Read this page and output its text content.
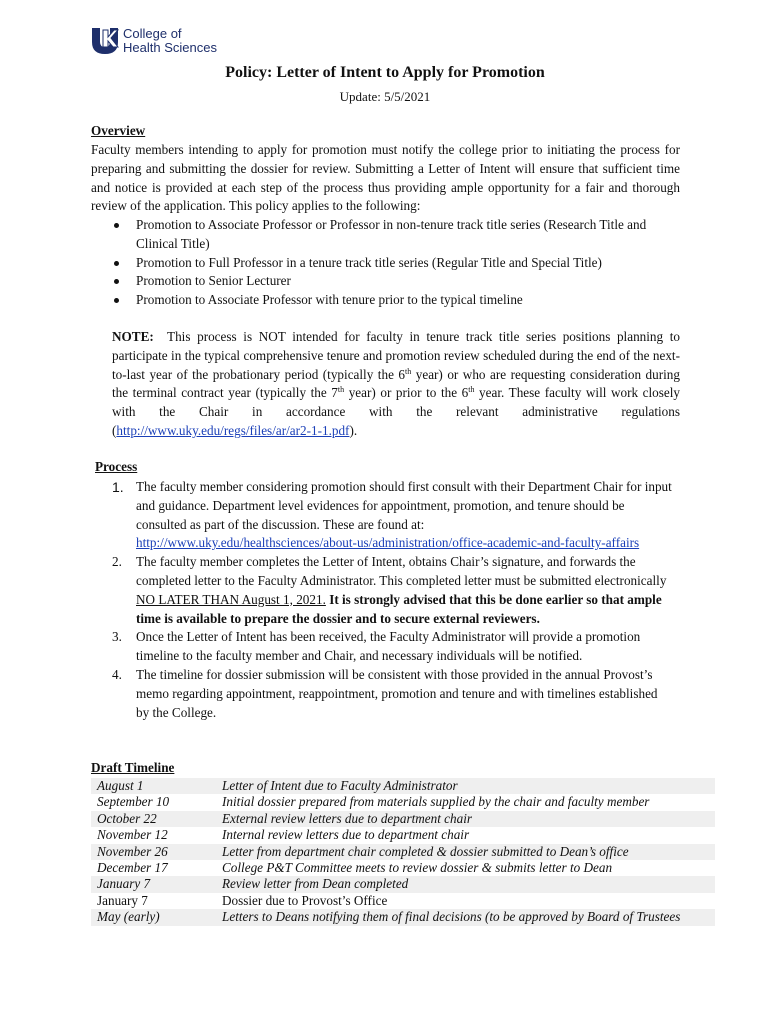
College of
Health Sciences
Policy: Letter of Intent to Apply for Promotion
Update: 5/5/2021
Overview
Faculty members intending to apply for promotion must notify the college prior to initiating the process for preparing and submitting the dossier for review. Submitting a Letter of Intent will ensure that sufficient time and notice is provided at each step of the process thus providing ample opportunity for a fair and thorough review of the application. This policy applies to the following:
Promotion to Associate Professor or Professor in non-tenure track title series (Research Title and Clinical Title)
Promotion to Full Professor in a tenure track title series (Regular Title and Special Title)
Promotion to Senior Lecturer
Promotion to Associate Professor with tenure prior to the typical timeline
NOTE: This process is NOT intended for faculty in tenure track title series positions planning to participate in the typical comprehensive tenure and promotion review scheduled during the end of the next-to-last year of the probationary period (typically the 6th year) or who are requesting consideration during the terminal contract year (typically the 7th year) or prior to the 6th year. These faculty will work closely with the Chair in accordance with the relevant administrative regulations (http://www.uky.edu/regs/files/ar/ar2-1-1.pdf).
Process
1. The faculty member considering promotion should first consult with their Department Chair for input and guidance. Department level evidences for appointment, promotion, and tenure should be consulted as part of the discussion. These are found at:
http://www.uky.edu/healthsciences/about-us/administration/office-academic-and-faculty-affairs
2. The faculty member completes the Letter of Intent, obtains Chair’s signature, and forwards the completed letter to the Faculty Administrator. This completed letter must be submitted electronically NO LATER THAN August 1, 2021. It is strongly advised that this be done earlier so that ample time is available to prepare the dossier and to secure external reviewers.
3. Once the Letter of Intent has been received, the Faculty Administrator will provide a promotion timeline to the faculty member and Chair, and necessary individuals will be notified.
4. The timeline for dossier submission will be consistent with those provided in the annual Provost’s memo regarding appointment, reappointment, promotion and tenure and with timelines established by the College.
Draft Timeline
August 1	Letter of Intent due to Faculty Administrator
September 10	Initial dossier prepared from materials supplied by the chair and faculty member
October 22	External review letters due to department chair
November 12	Internal review letters due to department chair
November 26	Letter from department chair completed & dossier submitted to Dean’s office
December 17	College P&T Committee meets to review dossier & submits letter to Dean
January 7	Review letter from Dean completed
January 7	Dossier due to Provost’s Office
May (early)	Letters to Deans notifying them of final decisions (to be approved by Board of Trustees
